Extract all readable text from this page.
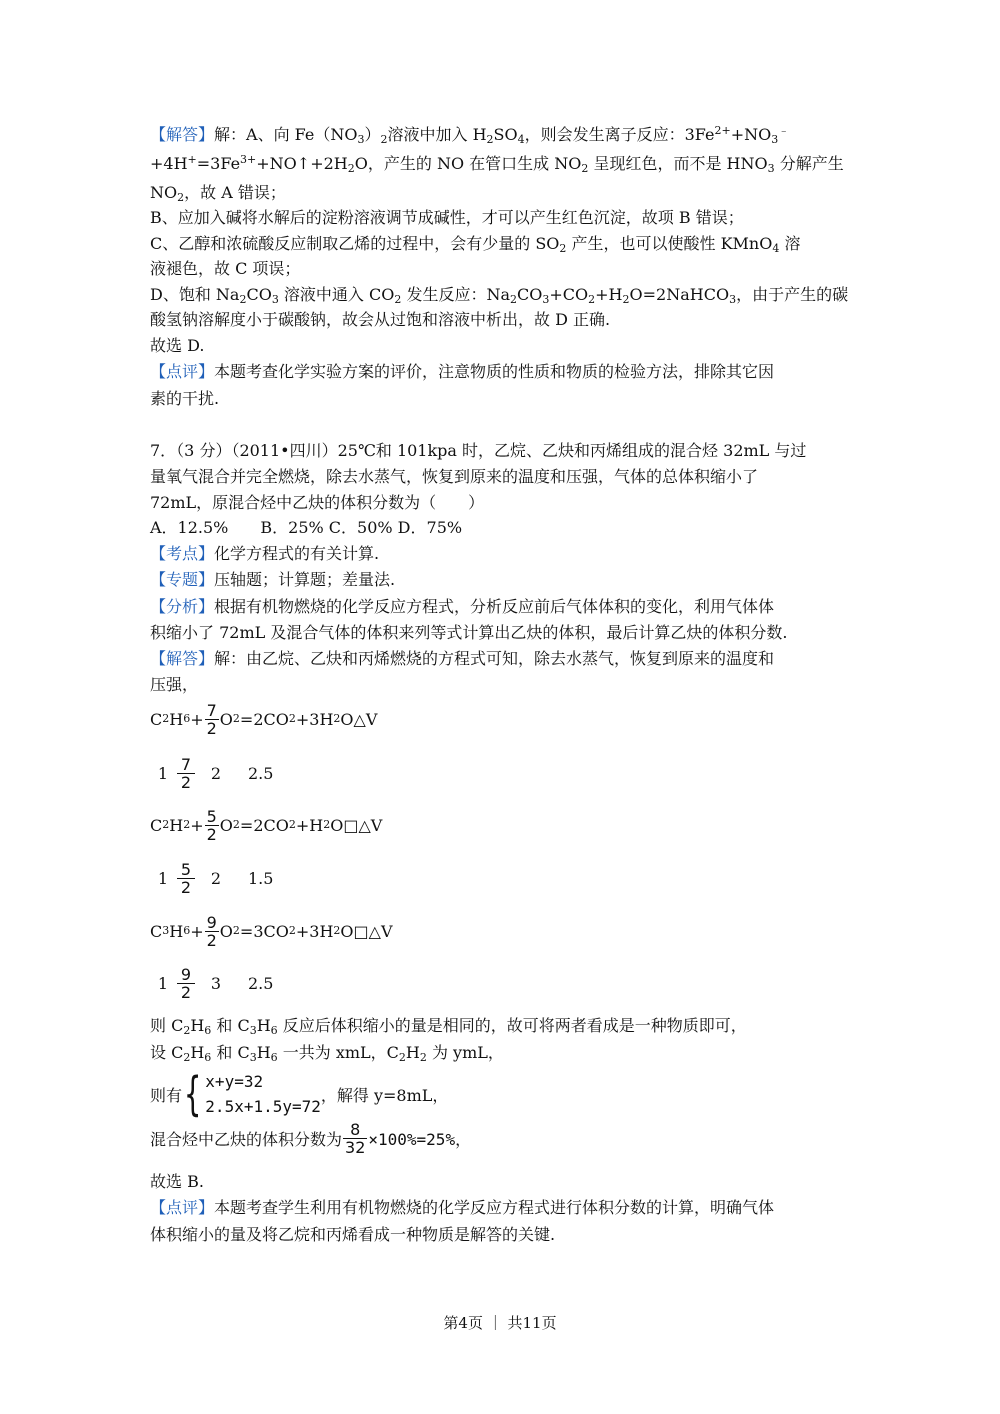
【解答】解：A、向 $Fe(NO_3)_2$溶液中加入 $H_2SO_4$，则会发生离子反应：$3Fe^{2+}+NO_3^﹣$
$+4H^+=3Fe^{3+}+NO↑+2H_2O$，产生的 NO 在管口生成 $NO_2$ 呈现红色，而不是 $HNO_3$ 分解产生
$NO_2$，故 A 错误；
B、应加入碱将水解后的淀粉溶液调节成碱性，才可以产生红色沉淀，故项 B 错误；
C、乙醇和浓硫酸反应制取乙烯的过程中，会有少量的 $SO_2$ 产生，也可以使酸性 KMnO$_4$ 溶
液褪色，故 C 项误；
D、饱和 $Na_2CO_3$ 溶液中通入 $CO_2$ 发生反应：$Na_2CO_3+CO_2+H_2O=2NaHCO_3$，由于产生的碳
酸氢钠溶解度小于碳酸钠，故会从过饱和溶液中析出，故 D 正确.
故选 D.
【点评】本题考查化学实验方案的评价，注意物质的性质和物质的检验方法，排除其它因
素的干扰.
7．（3 分）（2011•四川）25℃和 101kpa 时，乙烷、乙炔和丙烯组成的混合烃 32mL 与过
量氧气混合并完全燃烧，除去水蒸气，恢复到原来的温度和压强，气体的总体积缩小了
72mL，原混合烃中乙炔的体积分数为（　　）
A．12.5%　　B．25% C．50% D．75%
【考点】化学方程式的有关计算.
【专题】压轴题；计算题；差量法.
【分析】根据有机物燃烧的化学反应方程式，分析反应前后气体体积的变化，利用气体体
积缩小了 72mL 及混合气体的体积来列等式计算出乙炔的体积，最后计算乙炔的体积分数.
【解答】解：由乙烷、乙炔和丙烯燃烧的方程式可知，除去水蒸气，恢复到原来的温度和
压强，
C 2 H $6 + \frac{7}{2}$ O 2 =2CO 2 +3H 2 O△V
$1 \frac{7}{2} 2$	2.5
C 2 H $2 + \frac{5}{2}$ O 2 =2CO 2 +H 2 O□△V
$1 \frac{5}{2} 2$	1.5
C 3 H $6 + \frac{9}{2}$ O 2 =3CO 2 +3H 2 O□△V
$1 \frac{9}{2} 3$	2.5
则 $C_2H_6$ 和 $C_3H_6$ 反应后体积缩小的量是相同的，故可将两者看成是一种物质即可，
设 $C_2H_6$ 和 $C_3H_6$ 一共为 xmL，$C_2H_2$ 为 ymL，
则有 { x+y=32
2.5x+1.5y=72
，解得 y=8mL，
混合烃中乙炔的体积分数为 $\frac{8}{32} \times 100\%=25\%$，
故选 B.
【点评】本题考查学生利用有机物燃烧的化学反应方程式进行体积分数的计算，明确气体
体积缩小的量及将乙烷和丙烯看成一种物质是解答的关键.
第4页 ｜ 共11页
